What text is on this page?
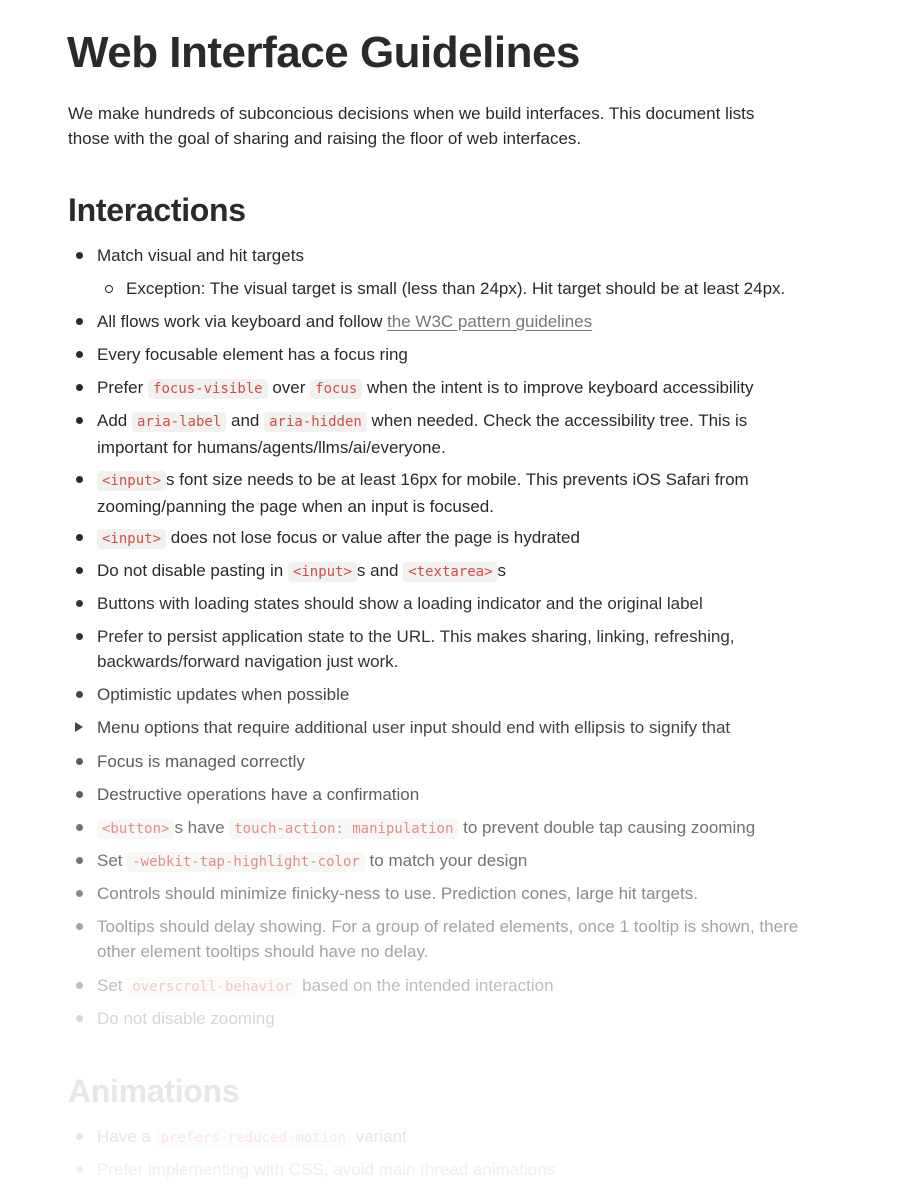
Web Interface Guidelines

We make hundreds of subconcious decisions when we build interfaces. This document lists those with the goal of sharing and raising the floor of web interfaces.

Interactions
Match visual and hit targets
Exception: The visual target is small (less than 24px). Hit target should be at least 24px.
All flows work via keyboard and follow the W3C pattern guidelines
Every focusable element has a focus ring
Prefer focus-visible over focus when the intent is to improve keyboard accessibility
Add aria-label and aria-hidden when needed. Check the accessibility tree. This is important for humans/agents/llms/ai/everyone.
<input> s font size needs to be at least 16px for mobile. This prevents iOS Safari from zooming/panning the page when an input is focused.
<input> does not lose focus or value after the page is hydrated
Do not disable pasting in <input> s and <textarea> s
Buttons with loading states should show a loading indicator and the original label
Prefer to persist application state to the URL. This makes sharing, linking, refreshing, backwards/forward navigation just work.
Optimistic updates when possible
Menu options that require additional user input should end with ellipsis to signify that
Focus is managed correctly
Destructive operations have a confirmation
<button> s have touch-action: manipulation to prevent double tap causing zooming
Set -webkit-tap-highlight-color to match your design
Controls should minimize finicky-ness to use. Prediction cones, large hit targets.
Tooltips should delay showing. For a group of related elements, once 1 tooltip is shown, there other element tooltips should have no delay.
Set overscroll-behavior based on the intended interaction
Do not disable zooming
Animations
Have a prefers-reduced-motion variant
Prefer implementing with CSS, avoid main thread animations
